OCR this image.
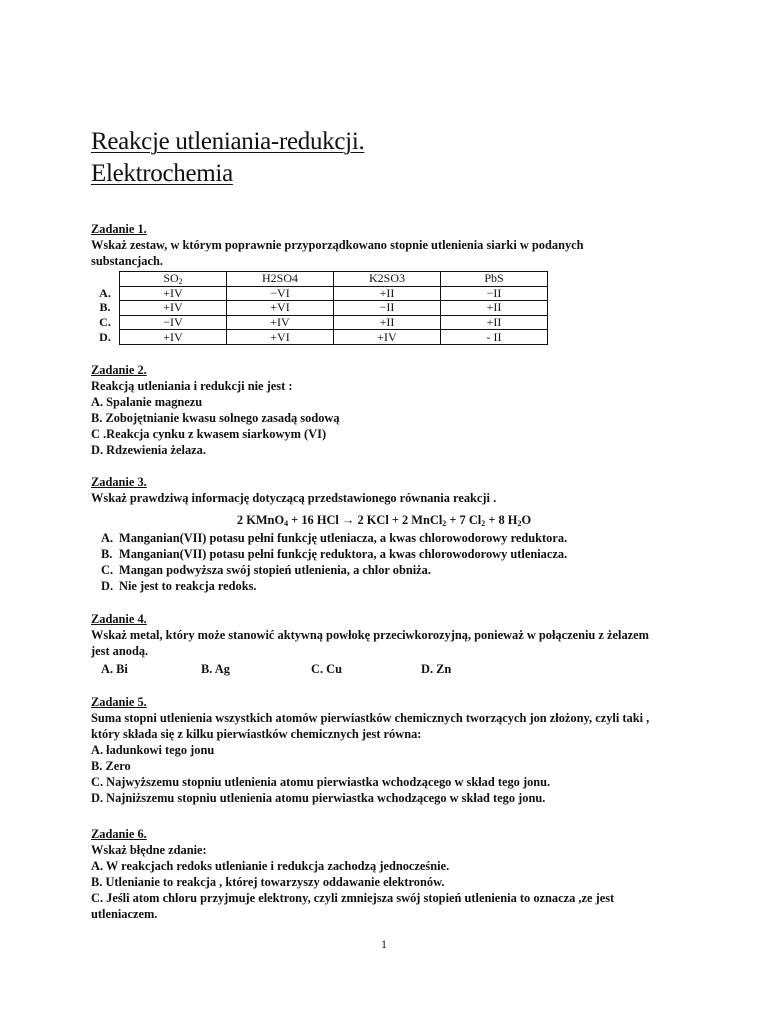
Reakcje utleniania-redukcji.
Elektrochemia
Zadanie 1.
Wskaż zestaw, w którym poprawnie przyporządkowano stopnie utlenienia siarki w podanych
substancjach.
	$SO_2$	H2SO4	K2SO3	PbS
A.	+IV	−VI	+II	−II
B.	+IV	+VI	−II	+II
C.	−IV	+IV	+II	+II
D.	+IV	+VI	+IV	- II
Zadanie 2.
Reakcją utleniania i redukcji nie jest :
A. Spalanie magnezu
B. Zobojętnianie kwasu solnego zasadą sodową
C .Reakcja cynku z kwasem siarkowym (VI)
D. Rdzewienia żelaza.
Zadanie 3.
Wskaż prawdziwą informację dotyczącą przedstawionego równania reakcji .
2 KMnO$_4$ + 16 HCl → 2 KCl + 2 MnCl$_2$ + 7 $Cl_2 + 8$ $H_2O$
A. Manganian(VII) potasu pełni funkcję utleniacza, a kwas chlorowodorowy reduktora.
B. Manganian(VII) potasu pełni funkcję reduktora, a kwas chlorowodorowy utleniacza.
C. Mangan podwyższa swój stopień utlenienia, a chlor obniża.
D. Nie jest to reakcja redoks.
Zadanie 4.
Wskaż metal, który może stanowić aktywną powłokę przeciwkorozyjną, ponieważ w połączeniu z żelazem
jest anodą.
A. Bi	B. Ag	C. Cu	D. Zn
Zadanie 5.
Suma stopni utlenienia wszystkich atomów pierwiastków chemicznych tworzących jon złożony, czyli taki ,
który składa się z kilku pierwiastków chemicznych jest równa:
A. ładunkowi tego jonu
B. Zero
C. Najwyższemu stopniu utlenienia atomu pierwiastka wchodzącego w skład tego jonu.
D. Najniższemu stopniu utlenienia atomu pierwiastka wchodzącego w skład tego jonu.
Zadanie 6.
Wskaż błędne zdanie:
A. W reakcjach redoks utlenianie i redukcja zachodzą jednocześnie.
B. Utlenianie to reakcja , której towarzyszy oddawanie elektronów.
C. Jeśli atom chloru przyjmuje elektrony, czyli zmniejsza swój stopień utlenienia to oznacza ,ze jest
utleniaczem.
1
